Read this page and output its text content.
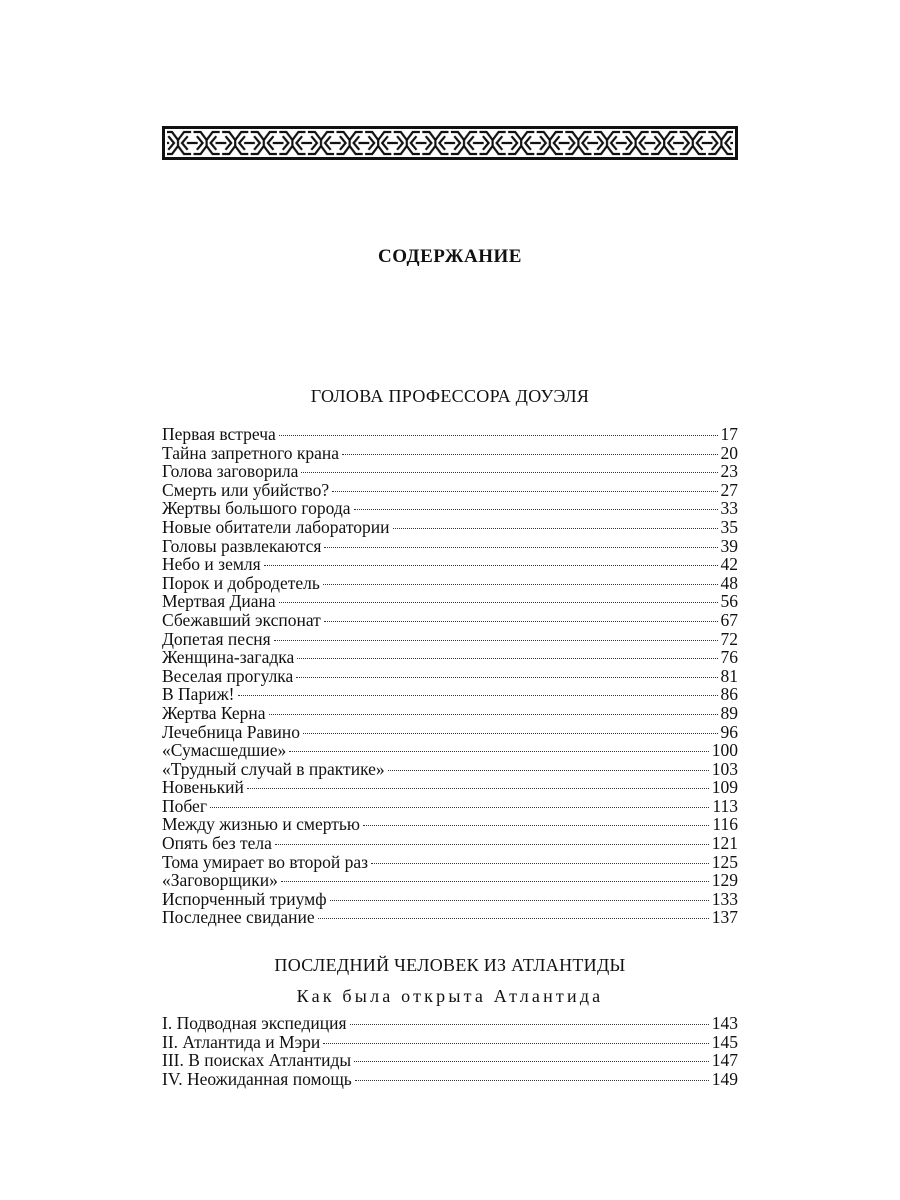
СОДЕРЖАНИЕ
ГОЛОВА ПРОФЕССОРА ДОУЭЛЯ
Первая встреча	17
Тайна запретного крана	20
Голова заговорила	23
Смерть или убийство?	27
Жертвы большого города	33
Новые обитатели лаборатории	35
Головы развлекаются	39
Небо и земля	42
Порок и добродетель	48
Мертвая Диана	56
Сбежавший экспонат	67
Допетая песня	72
Женщина-загадка	76
Веселая прогулка	81
В Париж!	86
Жертва Керна	89
Лечебница Равино	96
«Сумасшедшие»	100
«Трудный случай в практике»	103
Новенький	109
Побег	113
Между жизнью и смертью	116
Опять без тела	121
Тома умирает во второй раз	125
«Заговорщики»	129
Испорченный триумф	133
Последнее свидание	137
ПОСЛЕДНИЙ ЧЕЛОВЕК ИЗ АТЛАНТИДЫ
Как была открыта Атлантида
I. Подводная экспедиция	143
II. Атлантида и Мэри	145
III. В поисках Атлантиды	147
IV. Неожиданная помощь	149
